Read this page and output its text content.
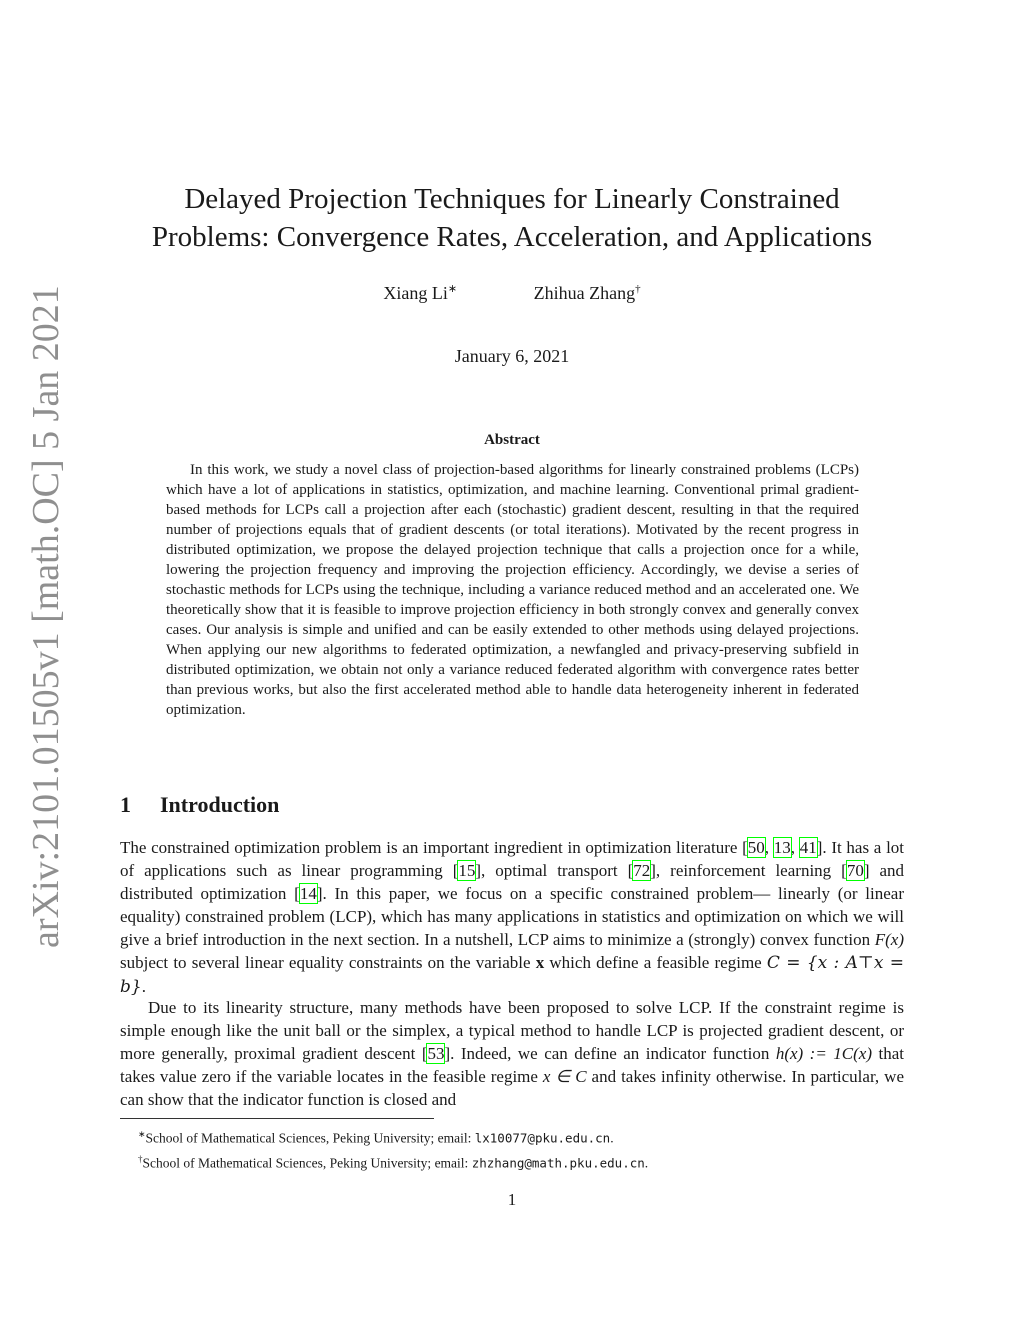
arXiv:2101.01505v1 [math.OC] 5 Jan 2021
Delayed Projection Techniques for Linearly Constrained
Problems: Convergence Rates, Acceleration, and Applications
Xiang Li∗	Zhihua Zhang†
January 6, 2021
Abstract

In this work, we study a novel class of projection-based algorithms for linearly constrained problems (LCPs) which have a lot of applications in statistics, optimization, and machine learning. Conventional primal gradient-based methods for LCPs call a projection after each (stochastic) gradient descent, resulting in that the required number of projections equals that of gradient descents (or total iterations). Motivated by the recent progress in distributed optimization, we propose the delayed projection technique that calls a projection once for a while, lowering the projection frequency and improving the projection efficiency. Accordingly, we devise a series of stochastic methods for LCPs using the technique, including a variance reduced method and an accelerated one. We theoretically show that it is feasible to improve projection efficiency in both strongly convex and generally convex cases. Our analysis is simple and unified and can be easily extended to other methods using delayed projections. When applying our new algorithms to federated optimization, a newfangled and privacy-preserving subfield in distributed optimization, we obtain not only a variance reduced federated algorithm with convergence rates better than previous works, but also the first accelerated method able to handle data heterogeneity inherent in federated optimization.

1 Introduction

The constrained optimization problem is an important ingredient in optimization literature [50, 13, 41]. It has a lot of applications such as linear programming [15], optimal transport [72], reinforcement learning [70] and distributed optimization [14]. In this paper, we focus on a specific constrained problem— linearly (or linear equality) constrained problem (LCP), which has many applications in statistics and optimization on which we will give a brief introduction in the next section. In a nutshell, LCP aims to minimize a (strongly) convex function F(x) subject to several linear equality constraints on the variable x which define a feasible regime C = {x : A⊤x = b}.

Due to its linearity structure, many methods have been proposed to solve LCP. If the constraint regime is simple enough like the unit ball or the simplex, a typical method to handle LCP is projected gradient descent, or more generally, proximal gradient descent [53]. Indeed, we can define an indicator function h(x) := 1C(x) that takes value zero if the variable locates in the feasible regime x ∈ C and takes infinity otherwise. In particular, we can show that the indicator function is closed and

∗School of Mathematical Sciences, Peking University; email: lx10077@pku.edu.cn.
†School of Mathematical Sciences, Peking University; email: zhzhang@math.pku.edu.cn.
1
